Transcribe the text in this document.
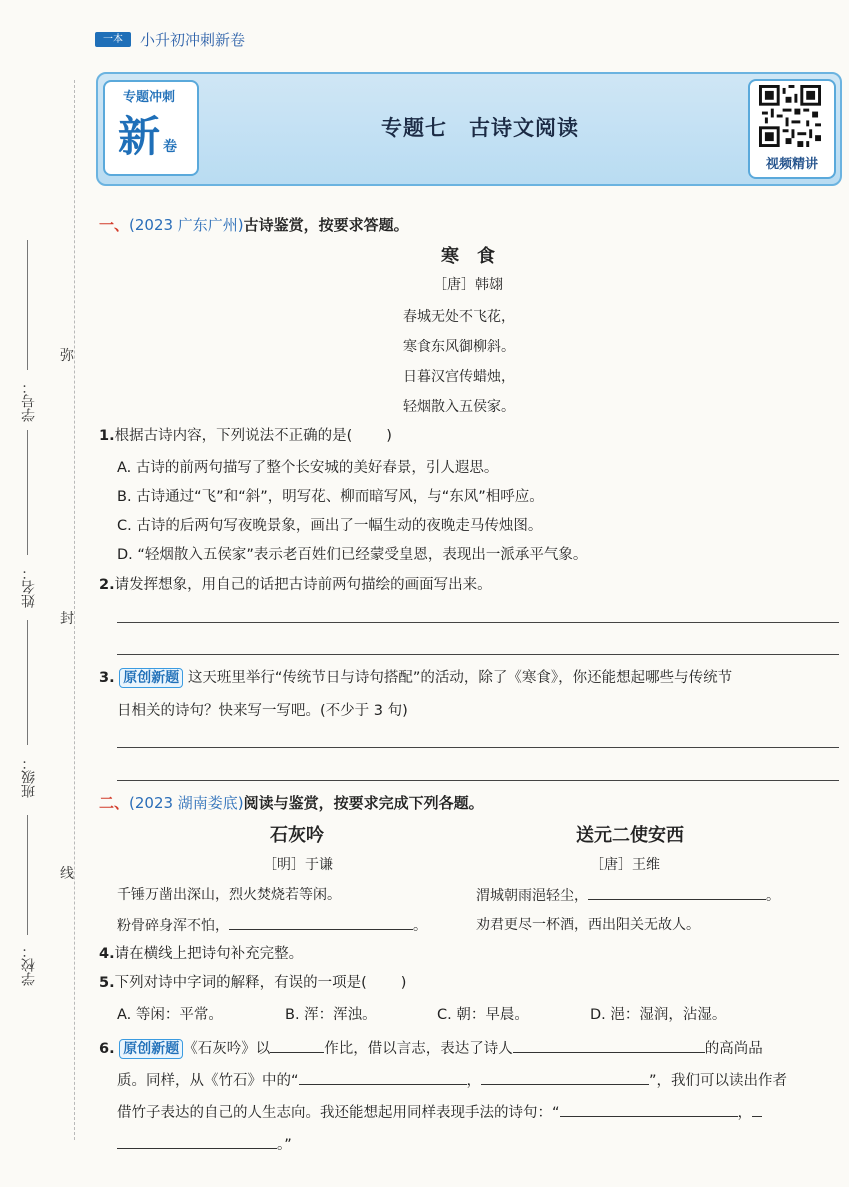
一本	小升初冲刺新卷
专题冲刺
新 卷
专题七　古诗文阅读
视频精讲
学号：
姓名：
班级：
学校：
弥
封
线
一、(2023 广东广州)古诗鉴赏，按要求答题。
寒　食
［唐］韩翃
春城无处不飞花，
寒食东风御柳斜。
日暮汉宫传蜡烛，
轻烟散入五侯家。
1.根据古诗内容，下列说法不正确的是( )
A. 古诗的前两句描写了整个长安城的美好春景，引人遐思。
B. 古诗通过“飞”和“斜”，明写花、柳而暗写风，与“东风”相呼应。
C. 古诗的后两句写夜晚景象，画出了一幅生动的夜晚走马传烛图。
D. “轻烟散入五侯家”表示老百姓们已经蒙受皇恩，表现出一派承平气象。
2.请发挥想象，用自己的话把古诗前两句描绘的画面写出来。
3. 原创新题 这天班里举行“传统节日与诗句搭配”的活动，除了《寒食》，你还能想起哪些与传统节
日相关的诗句？快来写一写吧。(不少于 3 句)
二、(2023 湖南娄底)阅读与鉴赏，按要求完成下列各题。
石灰吟
［明］于谦
千锤万凿出深山，烈火焚烧若等闲。
粉骨碎身浑不怕，	。
送元二使安西
［唐］王维
渭城朝雨浥轻尘，	。
劝君更尽一杯酒，西出阳关无故人。
4.请在横线上把诗句补充完整。
5.下列对诗中字词的解释，有误的一项是( )
A. 等闲：平常。	B. 浑：浑浊。	C. 朝：早晨。	D. 浥：湿润，沾湿。
6. 原创新题 《石灰吟》以	作比，借以言志，表达了诗人	的高尚品
质。同样，从《竹石》中的“	，	”，我们可以读出作者
借竹子表达的自己的人生志向。我还能想起用同样表现手法的诗句：“	，
。”
